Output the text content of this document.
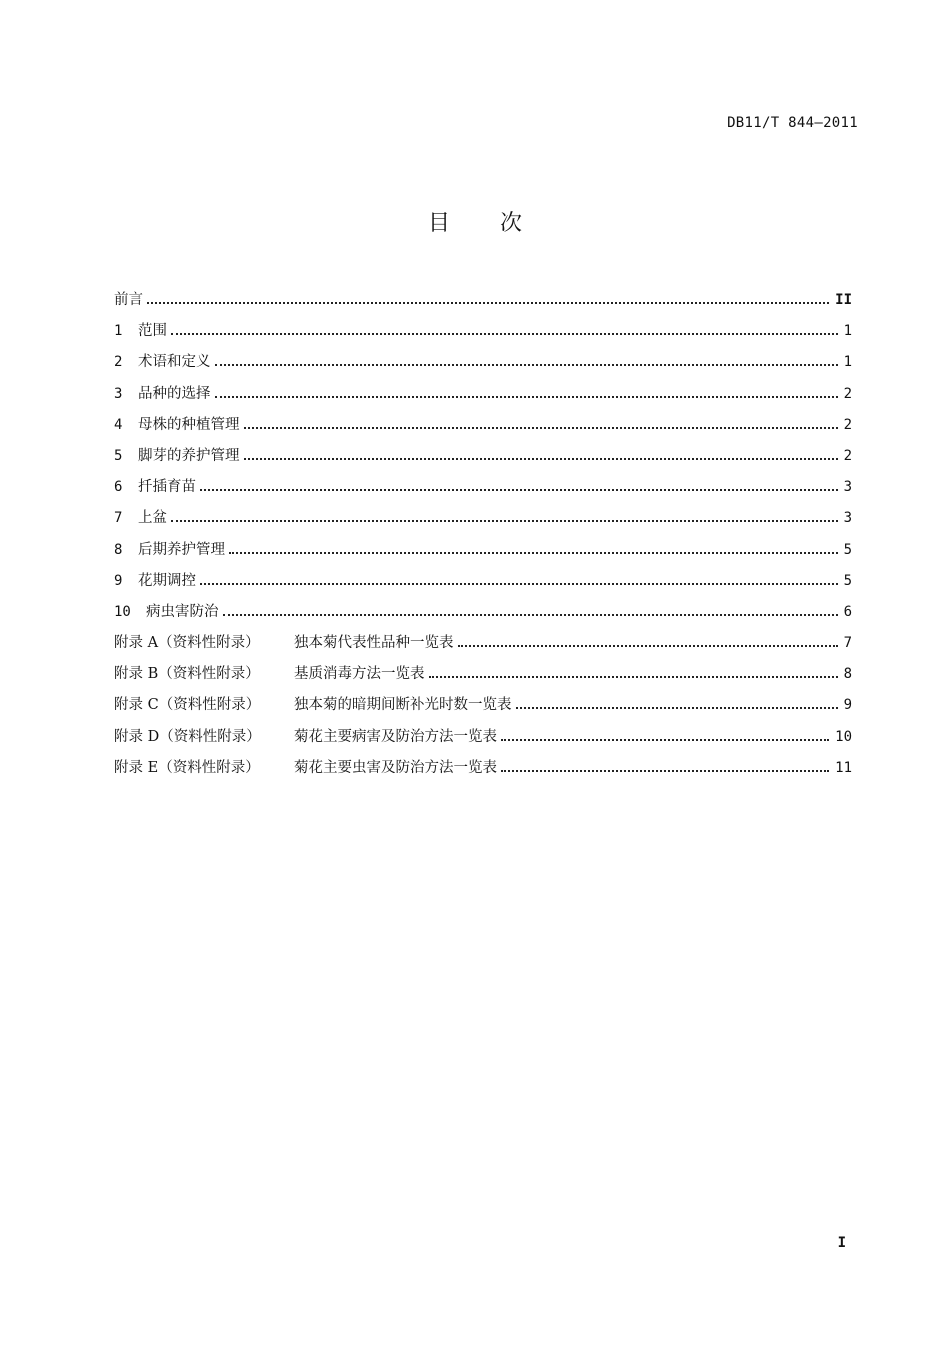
DB11/T 844—2011
目次
前言	II
1	范围	1
2	术语和定义	1
3	品种的选择	2
4	母株的种植管理	2
5	脚芽的养护管理	2
6	扦插育苗	3
7	上盆	3
8	后期养护管理	5
9	花期调控	5
10	病虫害防治	6
附录 A（资料性附录）	独本菊代表性品种一览表	7
附录 B（资料性附录）	基质消毒方法一览表	8
附录 C（资料性附录）	独本菊的暗期间断补光时数一览表	9
附录 D（资料性附录）	菊花主要病害及防治方法一览表	10
附录 E（资料性附录）	菊花主要虫害及防治方法一览表	11
I
